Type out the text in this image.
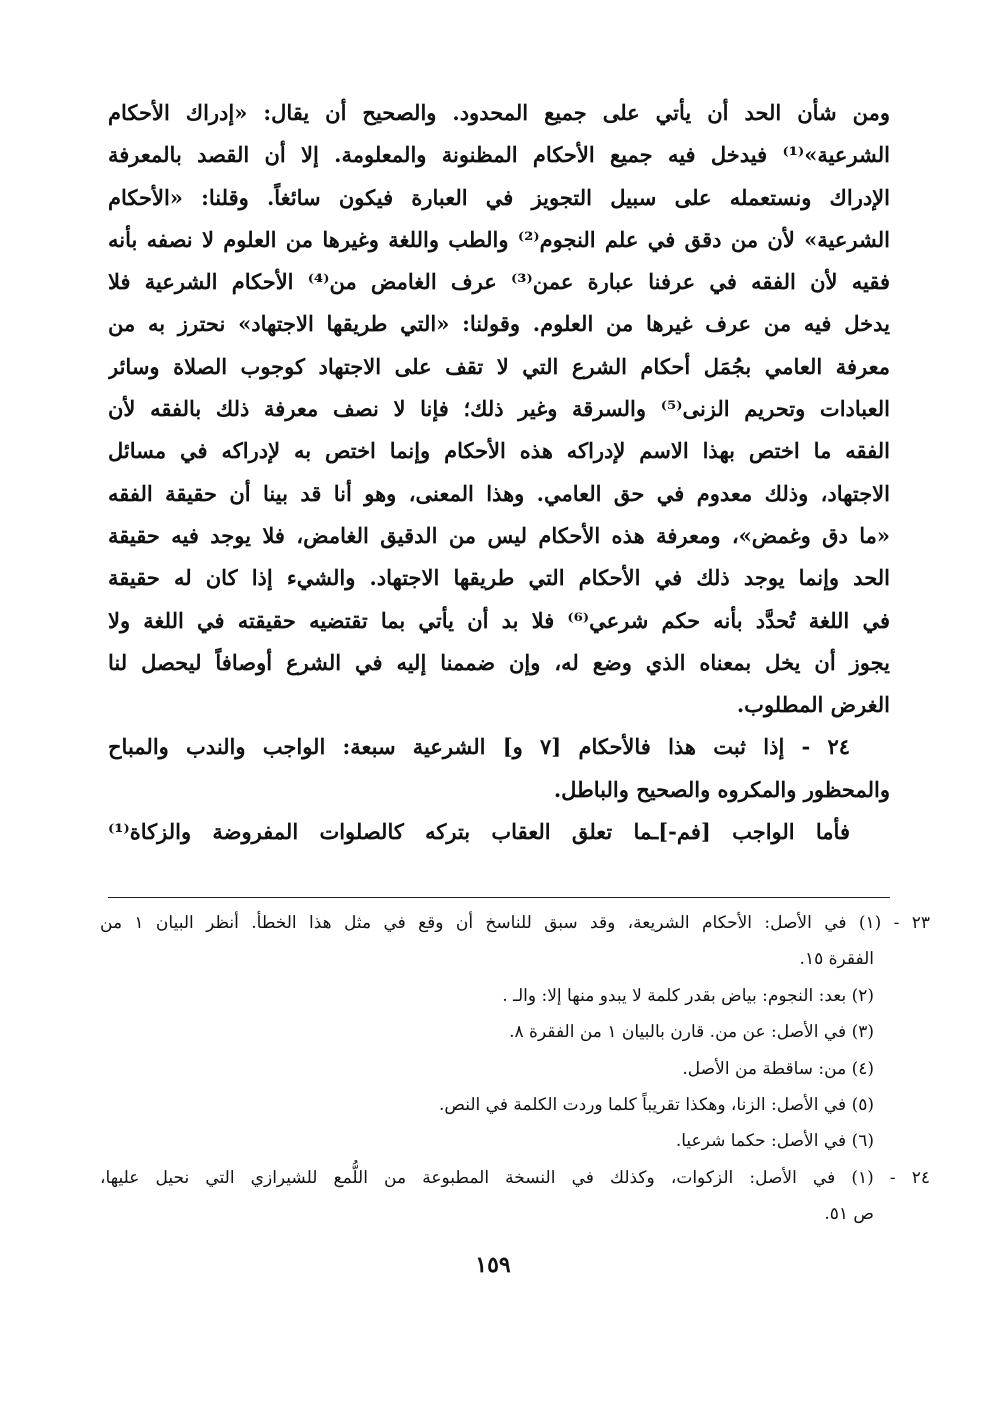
ومن شأن الحد أن يأتي على جميع المحدود. والصحيح أن يقال: «إدراك الأحكام
الشرعية»⁽¹⁾ فيدخل فيه جميع الأحكام المظنونة والمعلومة. إلا أن القصد بالمعرفة
الإدراك ونستعمله على سبيل التجويز في العبارة فيكون سائغاً. وقلنا: «الأحكام
الشرعية» لأن من دقق في علم النجوم⁽²⁾ والطب واللغة وغيرها من العلوم لا نصفه بأنه
فقيه لأن الفقه في عرفنا عبارة عمن⁽³⁾ عرف الغامض من⁽⁴⁾ الأحكام الشرعية فلا
يدخل فيه من عرف غيرها من العلوم. وقولنا: «التي طريقها الاجتهاد» نحترز به من
معرفة العامي بجُمَل أحكام الشرع التي لا تقف على الاجتهاد كوجوب الصلاة وسائر
العبادات وتحريم الزنى⁽⁵⁾ والسرقة وغير ذلك؛ فإنا لا نصف معرفة ذلك بالفقه لأن
الفقه ما اختص بهذا الاسم لإدراكه هذه الأحكام وإنما اختص به لإدراكه في مسائل
الاجتهاد، وذلك معدوم في حق العامي. وهذا المعنى، وهو أنا قد بينا أن حقيقة الفقه
«ما دق وغمض»، ومعرفة هذه الأحكام ليس من الدقيق الغامض، فلا يوجد فيه حقيقة
الحد وإنما يوجد ذلك في الأحكام التي طريقها الاجتهاد. والشيء إذا كان له حقيقة
في اللغة تُحدَّد بأنه حكم شرعي⁽⁶⁾ فلا بد أن يأتي بما تقتضيه حقيقته في اللغة ولا
يجوز أن يخل بمعناه الذي وضع له، وإن ضممنا إليه في الشرع أوصافاً ليحصل لنا
الغرض المطلوب.
٢٤ - إذا ثبت هذا فالأحكام [٧ و] الشرعية سبعة: الواجب والندب والمباح
والمحظور والمكروه والصحيح والباطل.
فأما الواجب [فم-]ـما تعلق العقاب بتركه كالصلوات المفروضة والزكاة⁽¹⁾
٢٣ - (١) في الأصل: الأحكام الشريعة، وقد سبق للناسخ أن وقع في مثل هذا الخطأ. أنظر البيان ١ من
الفقرة ١٥.
(٢) بعد: النجوم: بياض بقدر كلمة لا يبدو منها إلا: والـ .
(٣) في الأصل: عن من. قارن بالبيان ١ من الفقرة ٨.
(٤) من: ساقطة من الأصل.
(٥) في الأصل: الزنا، وهكذا تقريباً كلما وردت الكلمة في النص.
(٦) في الأصل: حكما شرعيا.
٢٤ - (١) في الأصل: الزكوات، وكذلك في النسخة المطبوعة من اللُّمع للشيرازي التي نحيل عليها،
ص ٥١.
١٥٩
